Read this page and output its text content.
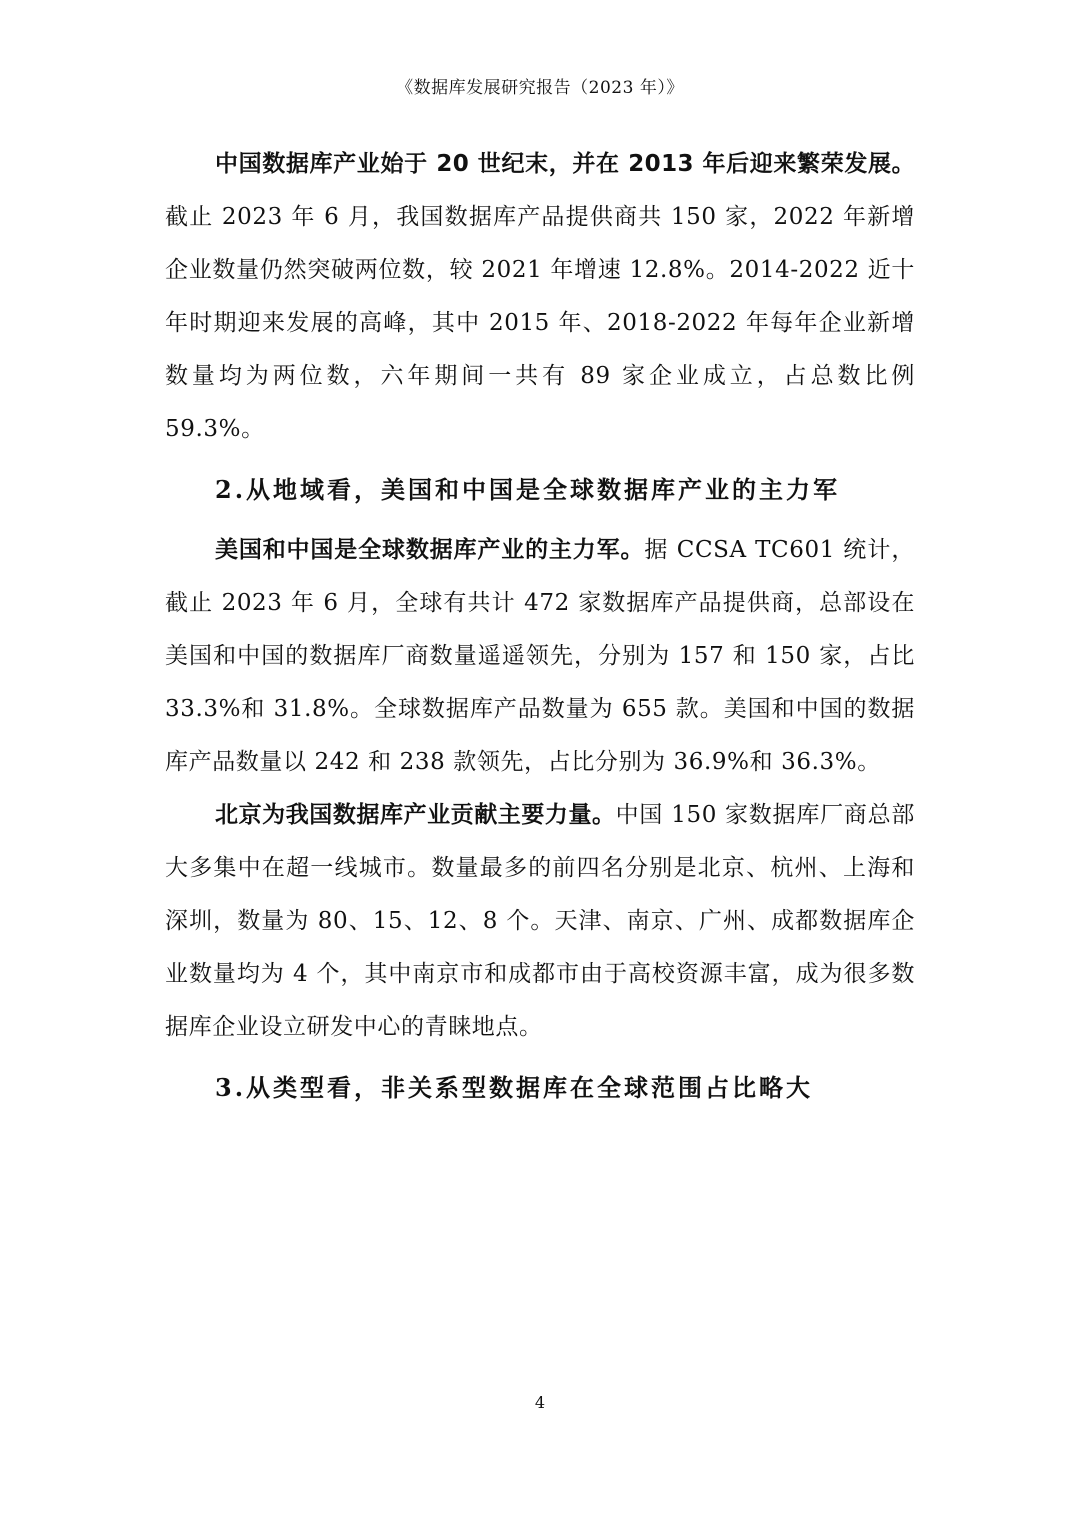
《数据库发展研究报告（2023 年）》

中国数据库产业始于 20 世纪末，并在 2013 年后迎来繁荣发展。截止 2023 年 6 月，我国数据库产品提供商共 150 家，2022 年新增企业数量仍然突破两位数，较 2021 年增速 12.8%。2014-2022 近十年时期迎来发展的高峰，其中 2015 年、2018-2022 年每年企业新增数量均为两位数，六年期间一共有 89 家企业成立，占总数比例 59.3%。

2.从地域看，美国和中国是全球数据库产业的主力军

美国和中国是全球数据库产业的主力军。据 CCSA TC601 统计，截止 2023 年 6 月，全球有共计 472 家数据库产品提供商，总部设在美国和中国的数据库厂商数量遥遥领先，分别为 157 和 150 家，占比 33.3%和 31.8%。全球数据库产品数量为 655 款。美国和中国的数据库产品数量以 242 和 238 款领先，占比分别为 36.9%和 36.3%。

北京为我国数据库产业贡献主要力量。中国 150 家数据库厂商总部大多集中在超一线城市。数量最多的前四名分别是北京、杭州、上海和深圳，数量为 80、15、12、8 个。天津、南京、广州、成都数据库企业数量均为 4 个，其中南京市和成都市由于高校资源丰富，成为很多数据库企业设立研发中心的青睐地点。

3.从类型看，非关系型数据库在全球范围占比略大
4
